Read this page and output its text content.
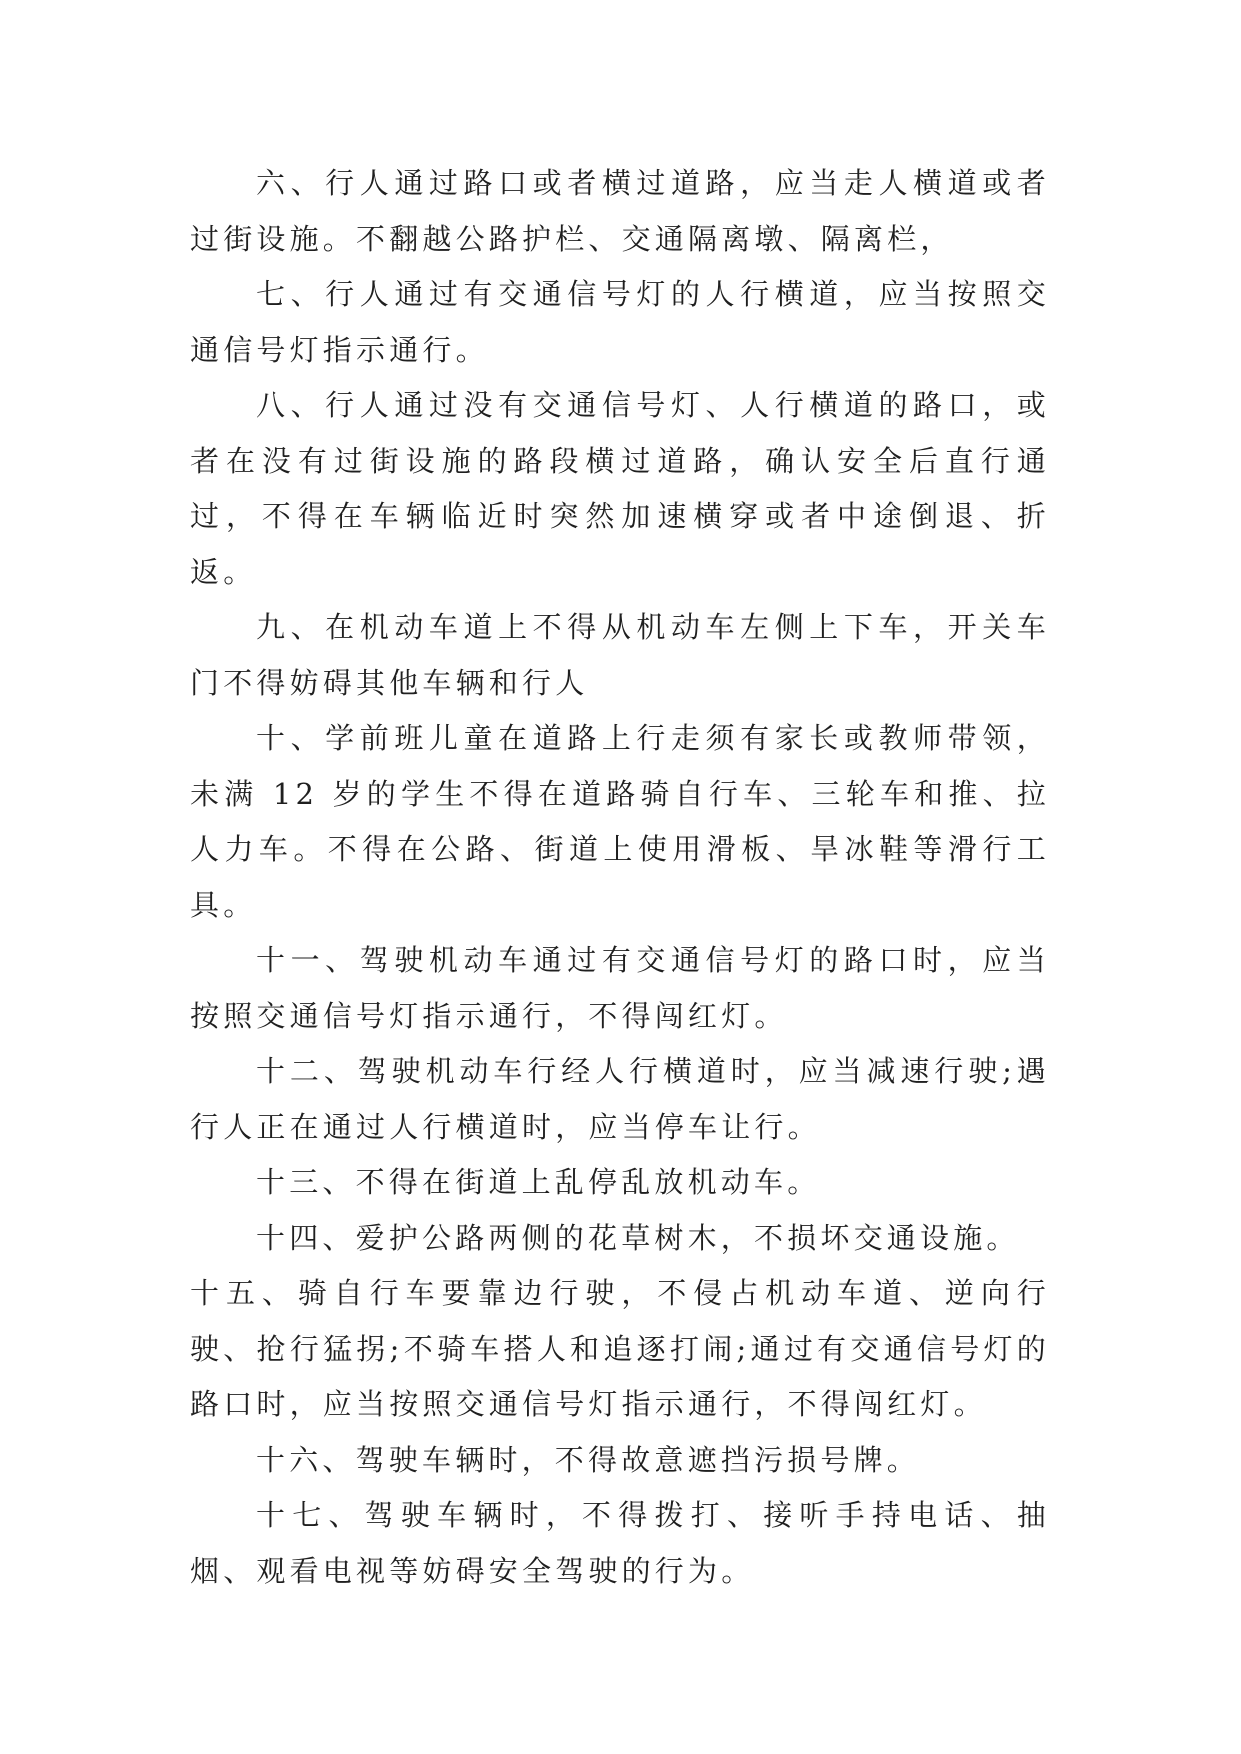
六、行人通过路口或者横过道路，应当走人横道或者过街设施。不翻越公路护栏、交通隔离墩、隔离栏，

七、行人通过有交通信号灯的人行横道，应当按照交通信号灯指示通行。

八、行人通过没有交通信号灯、人行横道的路口，或者在没有过街设施的路段横过道路，确认安全后直行通过，不得在车辆临近时突然加速横穿或者中途倒退、折返。

九、在机动车道上不得从机动车左侧上下车，开关车门不得妨碍其他车辆和行人

十、学前班儿童在道路上行走须有家长或教师带领，未满 12 岁的学生不得在道路骑自行车、三轮车和推、拉人力车。不得在公路、街道上使用滑板、旱冰鞋等滑行工具。

十一、驾驶机动车通过有交通信号灯的路口时，应当按照交通信号灯指示通行，不得闯红灯。

十二、驾驶机动车行经人行横道时，应当减速行驶;遇行人正在通过人行横道时，应当停车让行。

十三、不得在街道上乱停乱放机动车。

十四、爱护公路两侧的花草树木，不损坏交通设施。

十五、骑自行车要靠边行驶，不侵占机动车道、逆向行驶、抢行猛拐;不骑车搭人和追逐打闹;通过有交通信号灯的路口时，应当按照交通信号灯指示通行，不得闯红灯。

十六、驾驶车辆时，不得故意遮挡污损号牌。

十七、驾驶车辆时，不得拨打、接听手持电话、抽烟、观看电视等妨碍安全驾驶的行为。
